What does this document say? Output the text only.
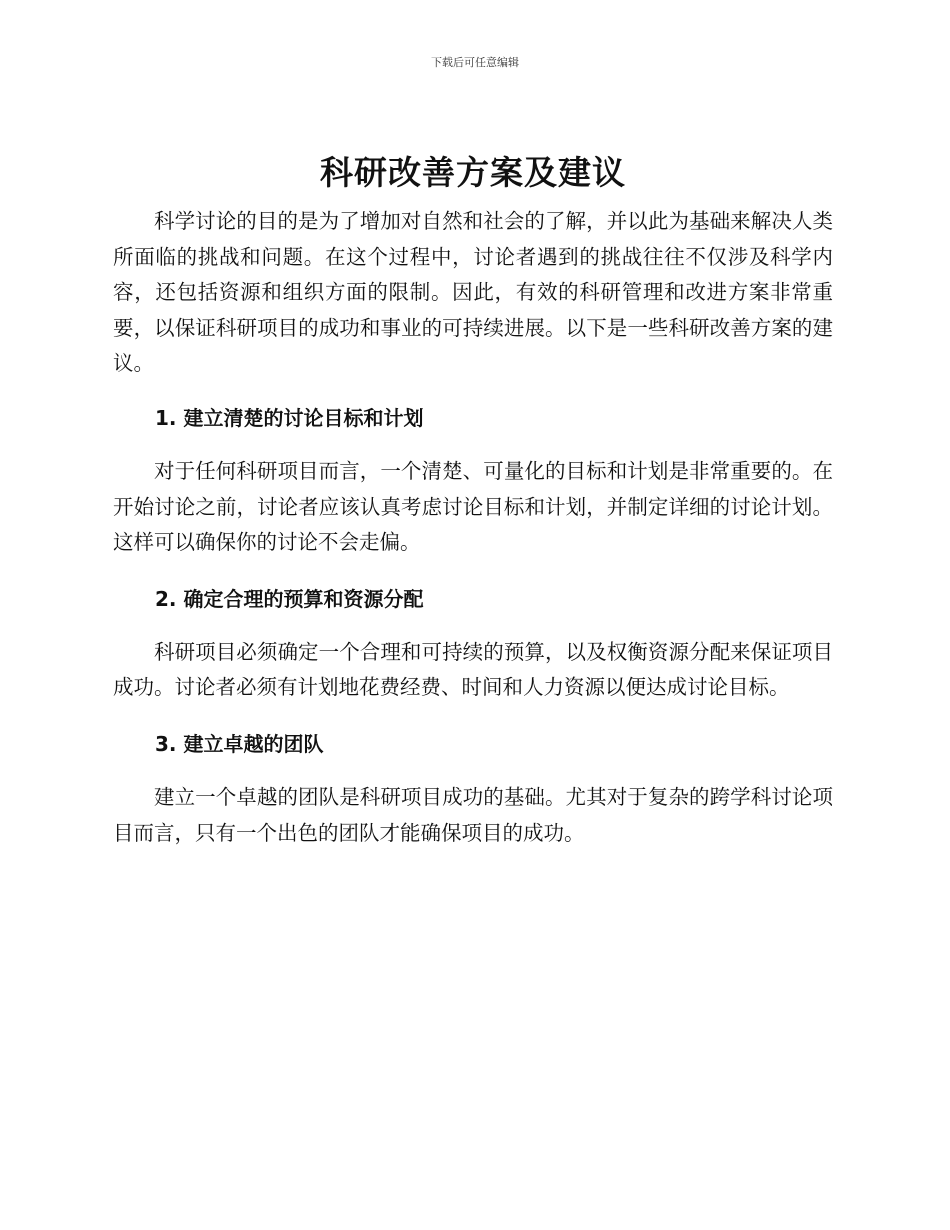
下载后可任意编辑
科研改善方案及建议

科学讨论的目的是为了增加对自然和社会的了解，并以此为基础来解决人类所面临的挑战和问题。在这个过程中，讨论者遇到的挑战往往不仅涉及科学内容，还包括资源和组织方面的限制。因此，有效的科研管理和改进方案非常重要，以保证科研项目的成功和事业的可持续进展。以下是一些科研改善方案的建议。

1. 建立清楚的讨论目标和计划

对于任何科研项目而言，一个清楚、可量化的目标和计划是非常重要的。在开始讨论之前，讨论者应该认真考虑讨论目标和计划，并制定详细的讨论计划。这样可以确保你的讨论不会走偏。

2. 确定合理的预算和资源分配

科研项目必须确定一个合理和可持续的预算，以及权衡资源分配来保证项目成功。讨论者必须有计划地花费经费、时间和人力资源以便达成讨论目标。

3. 建立卓越的团队

建立一个卓越的团队是科研项目成功的基础。尤其对于复杂的跨学科讨论项目而言，只有一个出色的团队才能确保项目的成功。
